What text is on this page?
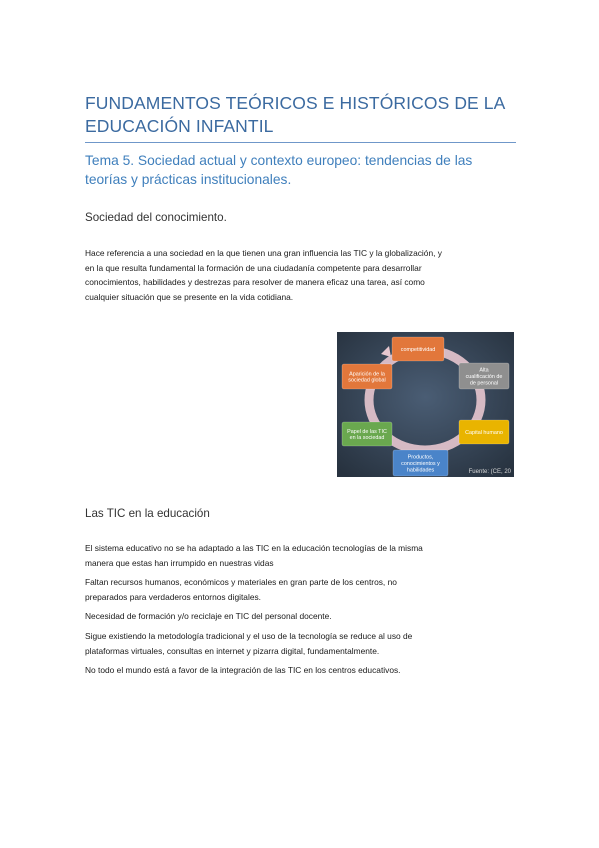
FUNDAMENTOS TEÓRICOS E HISTÓRICOS DE LA
EDUCACIÓN INFANTIL
Tema 5. Sociedad actual y contexto europeo: tendencias de las
teorías y prácticas institucionales.
Sociedad del conocimiento.
Hace referencia a una sociedad en la que tienen una gran influencia las TIC y la globalización, y
en la que resulta fundamental la formación de una ciudadanía competente para desarrollar
conocimientos, habilidades y destrezas para resolver de manera eficaz una tarea, así como
cualquier situación que se presente en la vida cotidiana.
competitividad
Alta cualificación de de personal
Capital humano
Productos, conocimientos y habilidades
Papel de las TIC en la sociedad
Aparición de la sociedad global
Fuente: (CE, 20
Las TIC en la educación

El sistema educativo no se ha adaptado a las TIC en la educación tecnologías de la misma
manera que estas han irrumpido en nuestras vidas

Faltan recursos humanos, económicos y materiales en gran parte de los centros, no
preparados para verdaderos entornos digitales.

Necesidad de formación y/o reciclaje en TIC del personal docente.

Sigue existiendo la metodología tradicional y el uso de la tecnología se reduce al uso de
plataformas virtuales, consultas en internet y pizarra digital, fundamentalmente.

No todo el mundo está a favor de la integración de las TIC en los centros educativos.
